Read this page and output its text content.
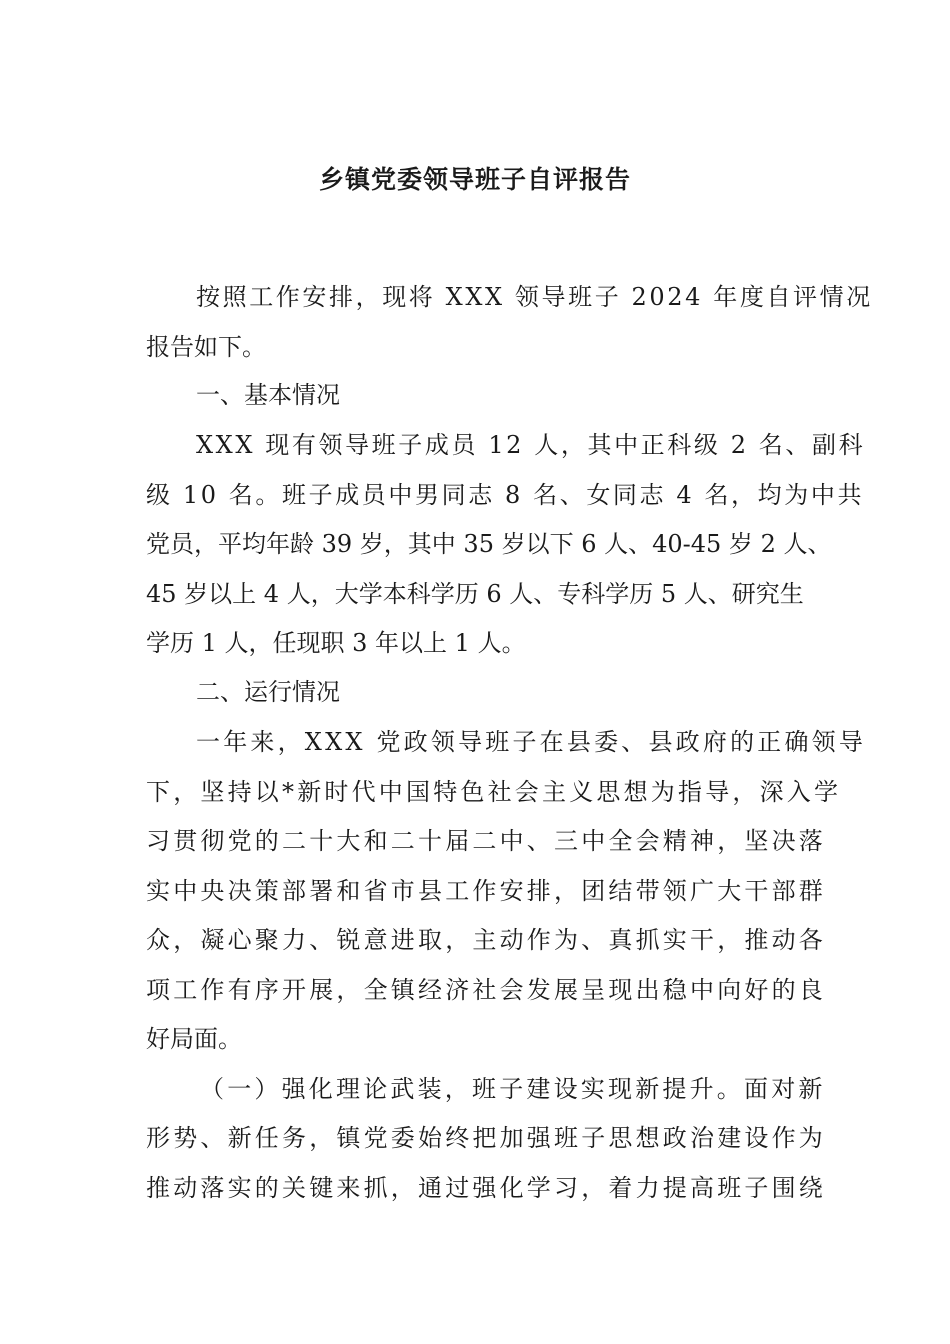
乡镇党委领导班子自评报告
按照工作安排，现将 XXX 领导班子 2024 年度自评情况
报告如下。
一、基本情况
XXX 现有领导班子成员 12 人，其中正科级 2 名、副科
级 10 名。班子成员中男同志 8 名、女同志 4 名，均为中共
党员，平均年龄 39 岁，其中 35 岁以下 6 人、40-45 岁 2 人、
45 岁以上 4 人，大学本科学历 6 人、专科学历 5 人、研究生
学历 1 人，任现职 3 年以上 1 人。
二、运行情况
一年来，XXX 党政领导班子在县委、县政府的正确领导
下，坚持以*新时代中国特色社会主义思想为指导，深入学
习贯彻党的二十大和二十届二中、三中全会精神，坚决落
实中央决策部署和省市县工作安排，团结带领广大干部群
众，凝心聚力、锐意进取，主动作为、真抓实干，推动各
项工作有序开展，全镇经济社会发展呈现出稳中向好的良
好局面。
（一）强化理论武装，班子建设实现新提升。面对新
形势、新任务，镇党委始终把加强班子思想政治建设作为
推动落实的关键来抓，通过强化学习，着力提高班子围绕
